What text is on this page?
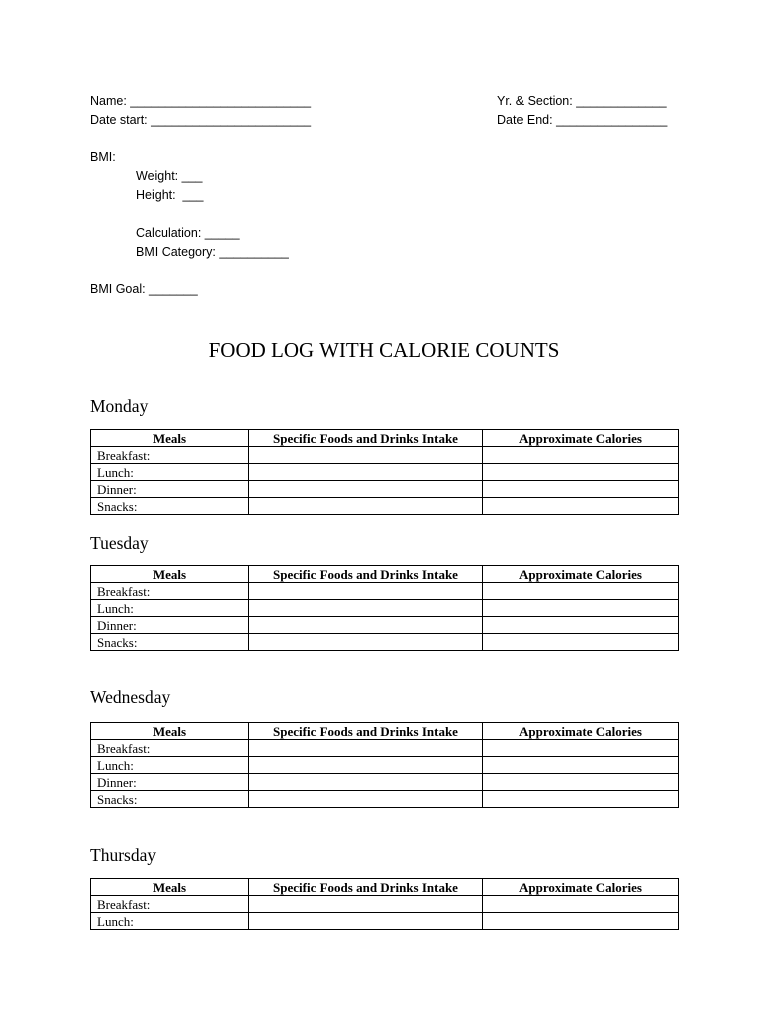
Name: __________________________	Yr. & Section: _____________
Date start: _______________________	Date End: ________________
BMI:
Weight: ___
Height:  ___
Calculation: _____
BMI Category: __________
BMI Goal: _______
FOOD LOG WITH CALORIE COUNTS
Monday
Tuesday
Wednesday
Thursday
Meals	Specific Foods and Drinks Intake	Approximate Calories
Breakfast:		
Lunch:		
Dinner:		
Snacks:		
Meals	Specific Foods and Drinks Intake	Approximate Calories
Breakfast:		
Lunch:		
Dinner:		
Snacks:		
Meals	Specific Foods and Drinks Intake	Approximate Calories
Breakfast:		
Lunch:		
Dinner:		
Snacks:		
Meals	Specific Foods and Drinks Intake	Approximate Calories
Breakfast:		
Lunch:		
